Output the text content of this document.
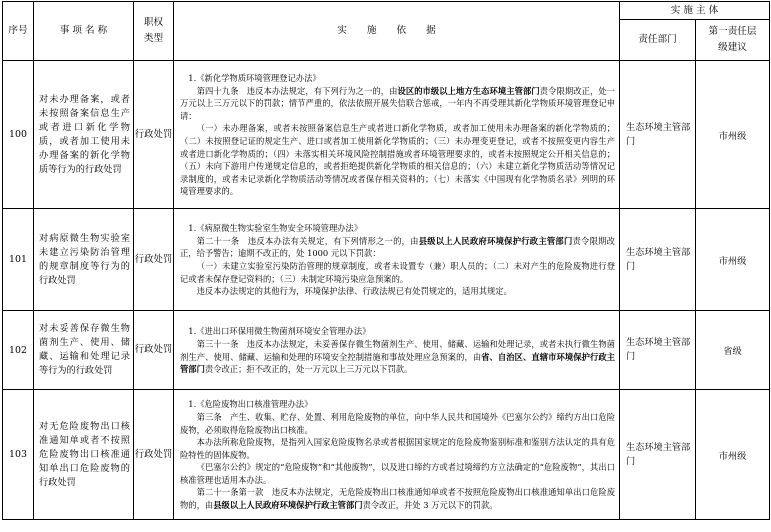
序号	事 项 名 称	职权类型	实施依据	实 施 主 体	
				责任部门	第一责任层级建议
100	对未办理备案，或者未按照备案信息生产或者进口新化学物质，或者加工使用未办理备案的新化学物质等行为的行政处罚	行政处罚	1.《新化学物质环境管理登记办法》

第四十九条　违反本办法规定，有下列行为之一的，由设区的市级以上地方生态环境主管部门责令限期改正，处一万元以上三万元以下的罚款；情节严重的，依法依照开展失信联合惩戒，一年内不再受理其新化学物质环境管理登记申请：

（一）未办理备案，或者未按照备案信息生产或者进口新化学物质，或者加工使用未办理备案的新化学物质的；（二）未按照登记证的规定生产、进口或者加工使用新化学物质的；（三）未办理变更登记，或者不按照变更内容生产或者进口新化学物质的；（四）未落实相关环境风险控制措施或者环境管理要求的，或者未按照规定公开相关信息的；（五）未向下游用户传递规定信息的，或者拒绝提供新化学物质的相关信息的；（六）未建立新化学物质活动等情况记录制度的，或者未记录新化学物质活动等情况或者保存相关资料的；（七）未落实《中国现有化学物质名录》列明的环境管理要求的。	生态环境主管部门	市州级
101	对病原微生物实验室未建立污染防治管理的规章制度等行为的行政处罚	行政处罚	1.《病原微生物实验室生物安全环境管理办法》

第二十一条　违反本办法有关规定，有下列情形之一的，由县级以上人民政府环境保护行政主管部门责令限期改正，给予警告；逾期不改正的，处 1000 元以下罚款：

（一）未建立实验室污染防治管理的规章制度，或者未设置专（兼）职人员的；（二）未对产生的危险废物进行登记或者未保存登记资料的；（三）未制定环境污染应急预案的。

违反本办法规定的其他行为，环境保护法律、行政法规已有处罚规定的，适用其规定。	生态环境主管部门	市州级
102	对未妥善保存微生物菌剂生产、使用、储藏、运输和处理记录等行为的行政处罚	行政处罚	1.《进出口环保用微生物菌剂环境安全管理办法》

第三十一条　违反本办法规定，未妥善保存微生物菌剂生产、使用、储藏、运输和处理记录，或者未执行微生物菌剂生产、使用、储藏、运输和处理的环境安全控制措施和事故处理应急预案的，由省、自治区、直辖市环境保护行政主管部门责令改正；拒不改正的，处一万元以上三万元以下罚款。	生态环境主管部门	省级
103	对无危险废物出口核准通知单或者不按照危险废物出口核准通知单出口危险废物的行政处罚	行政处罚	1.《危险废物出口核准管理办法》

第三条　产生、收集、贮存、处置、利用危险废物的单位，向中华人民共和国境外《巴塞尔公约》缔约方出口危险废物，必须取得危险废物出口核准。

本办法所称危险废物，是指列入国家危险废物名录或者根据国家规定的危险废物鉴别标准和鉴别方法认定的具有危险特性的固体废物。

《巴塞尔公约》规定的“危险废物”和“其他废物”，以及进口缔约方或者过境缔约方立法确定的“危险废物”，其出口核准管理也适用本办法。

第二十一条第一款　违反本办法规定，无危险废物出口核准通知单或者不按照危险废物出口核准通知单出口危险废物的，由县级以上人民政府环境保护行政主管部门责令改正，并处 3 万元以下的罚款。	生态环境主管部门	市州级
